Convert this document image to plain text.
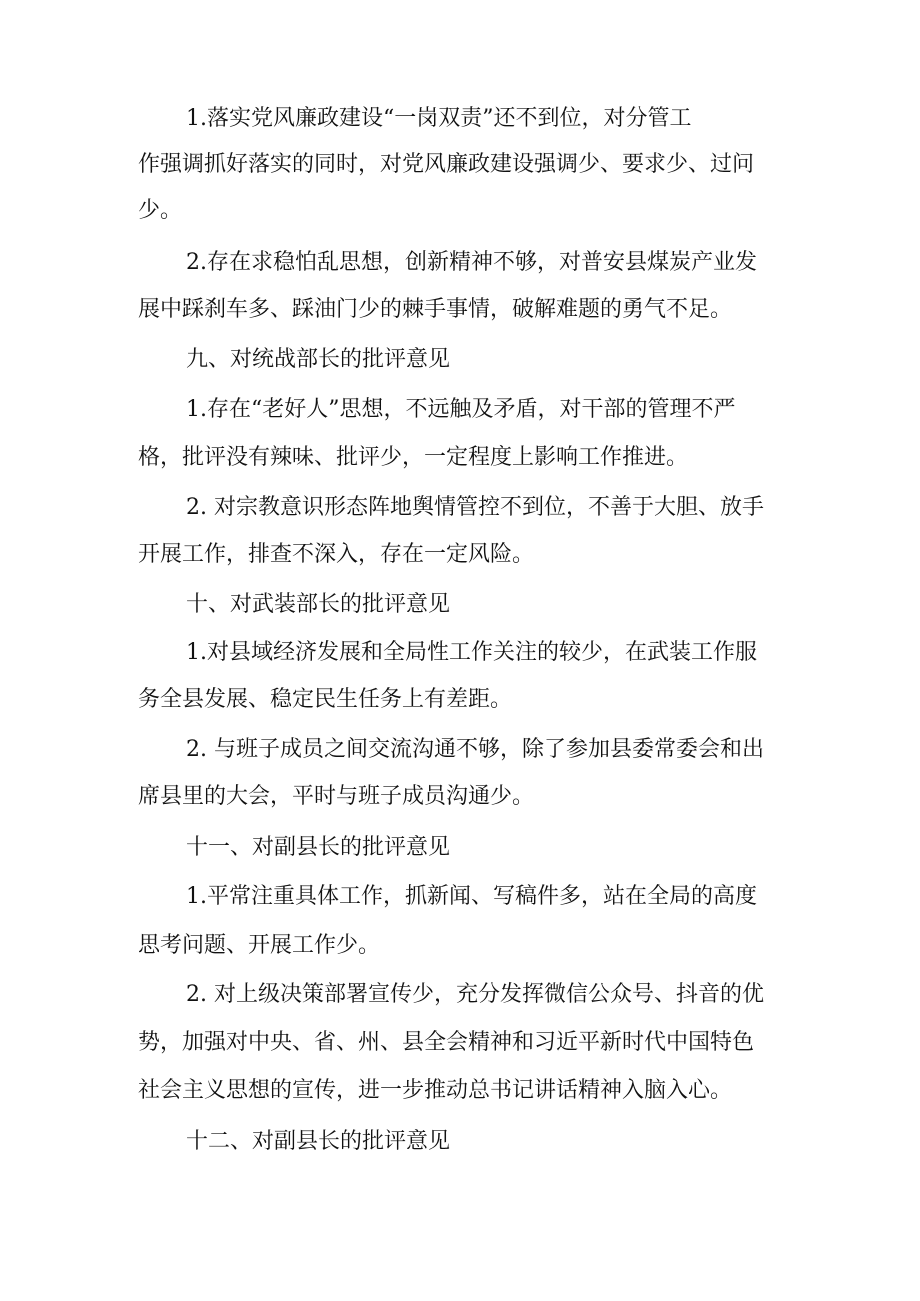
1.落实党风廉政建设“一岗双责”还不到位，对分管工
作强调抓好落实的同时，对党风廉政建设强调少、要求少、过问
少。
2.存在求稳怕乱思想，创新精神不够，对普安县煤炭产业发
展中踩刹车多、踩油门少的棘手事情，破解难题的勇气不足。
九、对统战部长的批评意见
1.存在“老好人”思想，不远触及矛盾，对干部的管理不严
格，批评没有辣味、批评少，一定程度上影响工作推进。
2. 对宗教意识形态阵地舆情管控不到位，不善于大胆、放手
开展工作，排查不深入，存在一定风险。
十、对武装部长的批评意见
1.对县域经济发展和全局性工作关注的较少，在武装工作服
务全县发展、稳定民生任务上有差距。
2. 与班子成员之间交流沟通不够，除了参加县委常委会和出
席县里的大会，平时与班子成员沟通少。
十一、对副县长的批评意见
1.平常注重具体工作，抓新闻、写稿件多，站在全局的高度
思考问题、开展工作少。
2. 对上级决策部署宣传少，充分发挥微信公众号、抖音的优
势，加强对中央、省、州、县全会精神和习近平新时代中国特色
社会主义思想的宣传，进一步推动总书记讲话精神入脑入心。
十二、对副县长的批评意见
